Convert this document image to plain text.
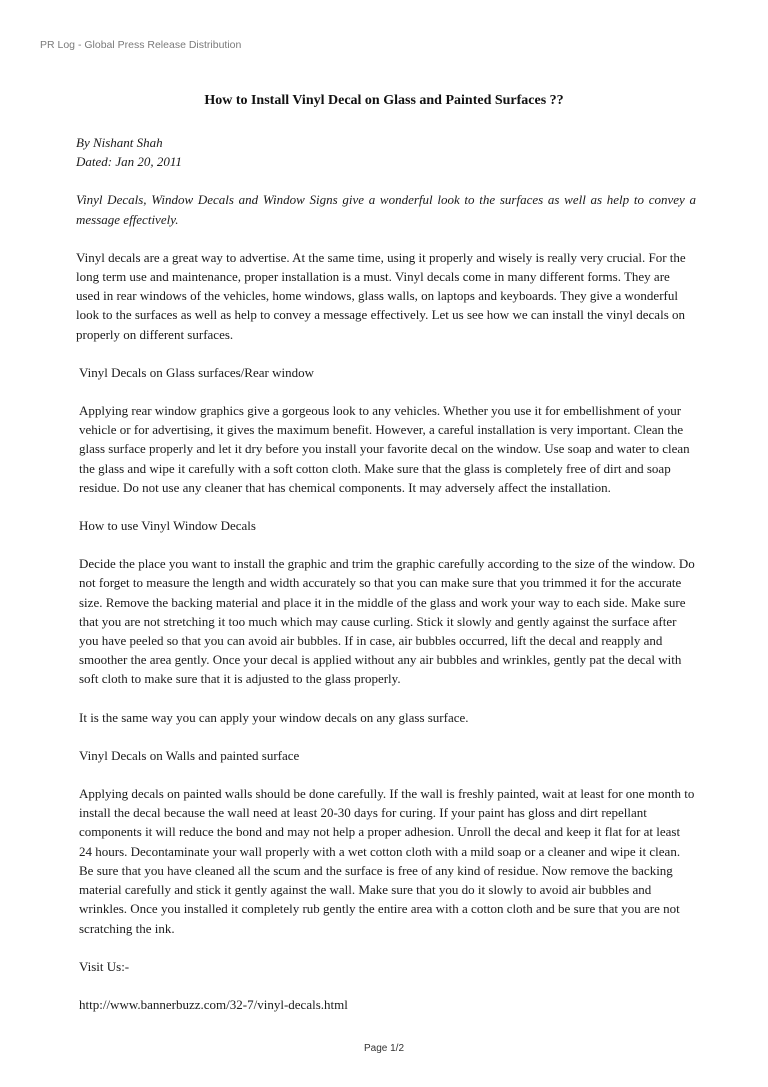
PR Log - Global Press Release Distribution
How to Install Vinyl Decal on Glass and Painted Surfaces ??

By Nishant Shah

Dated: Jan 20, 2011

Vinyl Decals, Window Decals and Window Signs give a wonderful look to the surfaces as well as help to convey a message effectively.

Vinyl decals are a great way to advertise. At the same time, using it properly and wisely is really very crucial. For the long term use and maintenance, proper installation is a must. Vinyl decals come in many different forms. They are used in rear windows of the vehicles, home windows, glass walls, on laptops and keyboards. They give a wonderful look to the surfaces as well as help to convey a message effectively. Let us see how we can install the vinyl decals on properly on different surfaces.

Vinyl Decals on Glass surfaces/Rear window

Applying rear window graphics give a gorgeous look to any vehicles. Whether you use it for embellishment of your vehicle or for advertising, it gives the maximum benefit. However, a careful installation is very important. Clean the glass surface properly and let it dry before you install your favorite decal on the window. Use soap and water to clean the glass and wipe it carefully with a soft cotton cloth. Make sure that the glass is completely free of dirt and soap residue. Do not use any cleaner that has chemical components. It may adversely affect the installation.

How to use Vinyl Window Decals

Decide the place you want to install the graphic and trim the graphic carefully according to the size of the window. Do not forget to measure the length and width accurately so that you can make sure that you trimmed it for the accurate size. Remove the backing material and place it in the middle of the glass and work your way to each side. Make sure that you are not stretching it too much which may cause curling. Stick it slowly and gently against the surface after you have peeled so that you can avoid air bubbles. If in case, air bubbles occurred, lift the decal and reapply and smoother the area gently. Once your decal is applied without any air bubbles and wrinkles, gently pat the decal with soft cloth to make sure that it is adjusted to the glass properly.

It is the same way you can apply your window decals on any glass surface.

Vinyl Decals on Walls and painted surface

Applying decals on painted walls should be done carefully. If the wall is freshly painted, wait at least for one month to install the decal because the wall need at least 20-30 days for curing. If your paint has gloss and dirt repellant components it will reduce the bond and may not help a proper adhesion. Unroll the decal and keep it flat for at least 24 hours. Decontaminate your wall properly with a wet cotton cloth with a mild soap or a cleaner and wipe it clean. Be sure that you have cleaned all the scum and the surface is free of any kind of residue. Now remove the backing material carefully and stick it gently against the wall. Make sure that you do it slowly to avoid air bubbles and wrinkles. Once you installed it completely rub gently the entire area with a cotton cloth and be sure that you are not scratching the ink.

Visit Us:-

http://www.bannerbuzz.com/32-7/vinyl-decals.html

Page 1/2
